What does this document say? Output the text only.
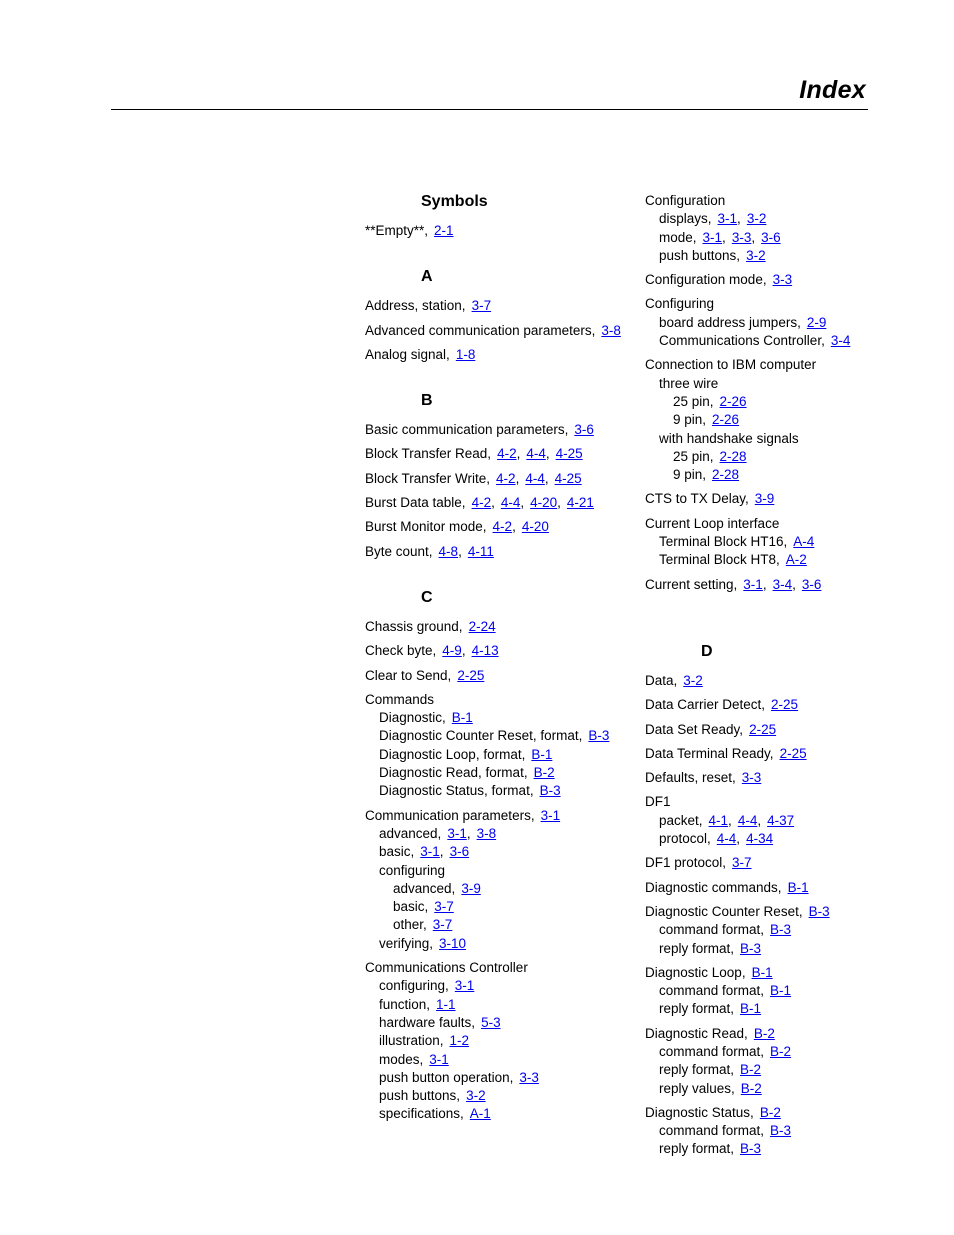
Index
Symbols
**Empty**, 2-1
A
Address, station, 3-7
Advanced communication parameters, 3-8
Analog signal, 1-8
B
Basic communication parameters, 3-6
Block Transfer Read, 4-2, 4-4, 4-25
Block Transfer Write, 4-2, 4-4, 4-25
Burst Data table, 4-2, 4-4, 4-20, 4-21
Burst Monitor mode, 4-2, 4-20
Byte count, 4-8, 4-11
C
Chassis ground, 2-24
Check byte, 4-9, 4-13
Clear to Send, 2-25
Commands
Diagnostic, B-1
Diagnostic Counter Reset, format, B-3
Diagnostic Loop, format, B-1
Diagnostic Read, format, B-2
Diagnostic Status, format, B-3
Communication parameters, 3-1
advanced, 3-1, 3-8
basic, 3-1, 3-6
configuring
advanced, 3-9
basic, 3-7
other, 3-7
verifying, 3-10
Communications Controller
configuring, 3-1
function, 1-1
hardware faults, 5-3
illustration, 1-2
modes, 3-1
push button operation, 3-3
push buttons, 3-2
specifications, A-1
Configuration
displays, 3-1, 3-2
mode, 3-1, 3-3, 3-6
push buttons, 3-2
Configuration mode, 3-3
Configuring
board address jumpers, 2-9
Communications Controller, 3-4
Connection to IBM computer
three wire
25 pin, 2-26
9 pin, 2-26
with handshake signals
25 pin, 2-28
9 pin, 2-28
CTS to TX Delay, 3-9
Current Loop interface
Terminal Block HT16, A-4
Terminal Block HT8, A-2
Current setting, 3-1, 3-4, 3-6
D
Data, 3-2
Data Carrier Detect, 2-25
Data Set Ready, 2-25
Data Terminal Ready, 2-25
Defaults, reset, 3-3
DF1
packet, 4-1, 4-4, 4-37
protocol, 4-4, 4-34
DF1 protocol, 3-7
Diagnostic commands, B-1
Diagnostic Counter Reset, B-3
command format, B-3
reply format, B-3
Diagnostic Loop, B-1
command format, B-1
reply format, B-1
Diagnostic Read, B-2
command format, B-2
reply format, B-2
reply values, B-2
Diagnostic Status, B-2
command format, B-3
reply format, B-3
